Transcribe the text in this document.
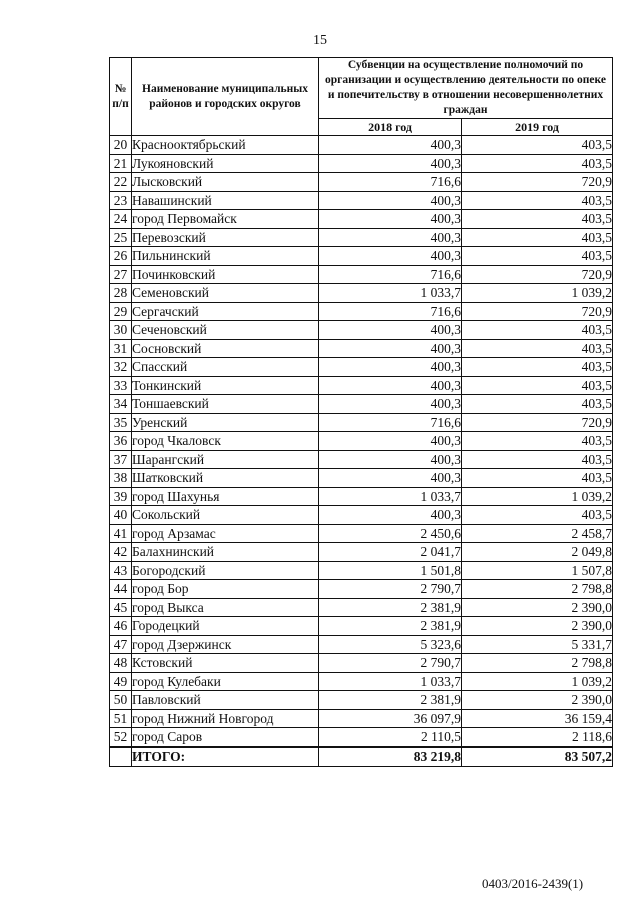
15
№ п/п	Наименование муниципальных районов и городских округов	Субвенции на осуществление полномочий по организации и осуществлению деятельности по опеке и попечительству в отношении несовершеннолетних граждан	
		2018 год	2019 год
20	Краснооктябрьский	400,3	403,5
21	Лукояновский	400,3	403,5
22	Лысковский	716,6	720,9
23	Навашинский	400,3	403,5
24	город Первомайск	400,3	403,5
25	Перевозский	400,3	403,5
26	Пильнинский	400,3	403,5
27	Починковский	716,6	720,9
28	Семеновский	1 033,7	1 039,2
29	Сергачский	716,6	720,9
30	Сеченовский	400,3	403,5
31	Сосновский	400,3	403,5
32	Спасский	400,3	403,5
33	Тонкинский	400,3	403,5
34	Тоншаевский	400,3	403,5
35	Уренский	716,6	720,9
36	город Чкаловск	400,3	403,5
37	Шарангский	400,3	403,5
38	Шатковский	400,3	403,5
39	город Шахунья	1 033,7	1 039,2
40	Сокольский	400,3	403,5
41	город Арзамас	2 450,6	2 458,7
42	Балахнинский	2 041,7	2 049,8
43	Богородский	1 501,8	1 507,8
44	город Бор	2 790,7	2 798,8
45	город Выкса	2 381,9	2 390,0
46	Городецкий	2 381,9	2 390,0
47	город Дзержинск	5 323,6	5 331,7
48	Кстовский	2 790,7	2 798,8
49	город Кулебаки	1 033,7	1 039,2
50	Павловский	2 381,9	2 390,0
51	город Нижний Новгород	36 097,9	36 159,4
52	город Саров	2 110,5	2 118,6
	ИТОГО:	83 219,8	83 507,2
0403/2016-2439(1)
